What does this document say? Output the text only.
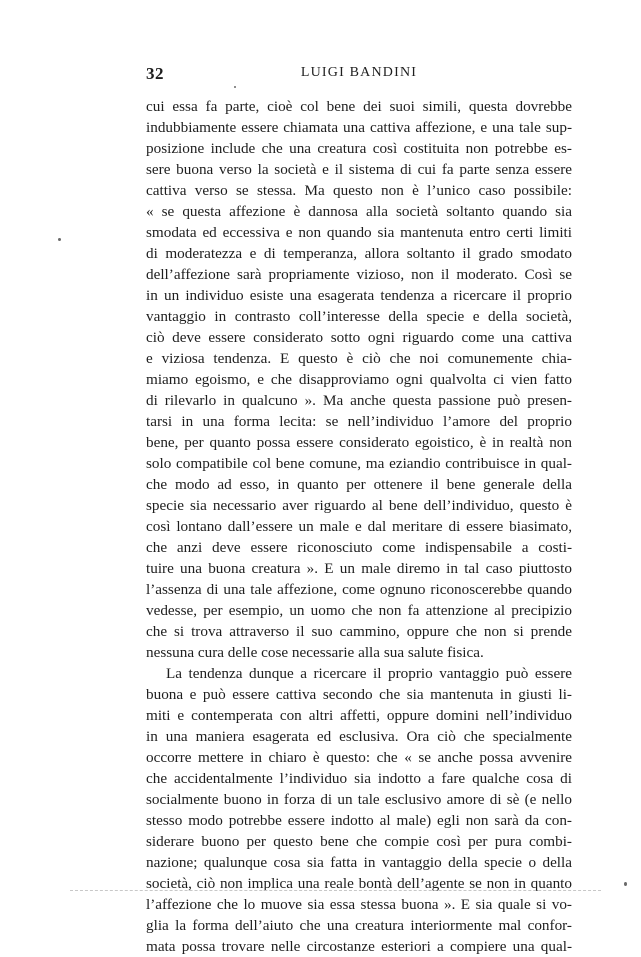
32	LUIGI BANDINI
cui essa fa parte, cioè col bene dei suoi simili, questa dovrebbe
indubbiamente essere chiamata una cattiva affezione, e una tale sup-
posizione include che una creatura così costituita non potrebbe es-
sere buona verso la società e il sistema di cui fa parte senza essere
cattiva verso se stessa. Ma questo non è l’unico caso possibile:
« se questa affezione è dannosa alla società soltanto quando sia
smodata ed eccessiva e non quando sia mantenuta entro certi limiti
di moderatezza e di temperanza, allora soltanto il grado smodato
dell’affezione sarà propriamente vizioso, non il moderato. Così se
in un individuo esiste una esagerata tendenza a ricercare il proprio
vantaggio in contrasto coll’interesse della specie e della società,
ciò deve essere considerato sotto ogni riguardo come una cattiva
e viziosa tendenza. E questo è ciò che noi comunemente chia-
miamo egoismo, e che disapproviamo ogni qualvolta ci vien fatto
di rilevarlo in qualcuno ». Ma anche questa passione può presen-
tarsi in una forma lecita: se nell’individuo l’amore del proprio
bene, per quanto possa essere considerato egoistico, è in realtà non
solo compatibile col bene comune, ma eziandio contribuisce in qual-
che modo ad esso, in quanto per ottenere il bene generale della
specie sia necessario aver riguardo al bene dell’individuo, questo è
così lontano dall’essere un male e dal meritare di essere biasimato,
che anzi deve essere riconosciuto come indispensabile a costi-
tuire una buona creatura ». E un male diremo in tal caso piuttosto
l’assenza di una tale affezione, come ognuno riconoscerebbe quando
vedesse, per esempio, un uomo che non fa attenzione al precipizio
che si trova attraverso il suo cammino, oppure che non si prende
nessuna cura delle cose necessarie alla sua salute fisica.
La tendenza dunque a ricercare il proprio vantaggio può essere
buona e può essere cattiva secondo che sia mantenuta in giusti li-
miti e contemperata con altri affetti, oppure domini nell’individuo
in una maniera esagerata ed esclusiva. Ora ciò che specialmente
occorre mettere in chiaro è questo: che « se anche possa avvenire
che accidentalmente l’individuo sia indotto a fare qualche cosa di
socialmente buono in forza di un tale esclusivo amore di sè (e nello
stesso modo potrebbe essere indotto al male) egli non sarà da con-
siderare buono per questo bene che compie così per pura combi-
nazione; qualunque cosa sia fatta in vantaggio della specie o della
società, ciò non implica una reale bontà dell’agente se non in quanto
l’affezione che lo muove sia essa stessa buona ». E sia quale si vo-
glia la forma dell’aiuto che una creatura interiormente mal confor-
mata possa trovare nelle circostanze esteriori a compiere una qual-
